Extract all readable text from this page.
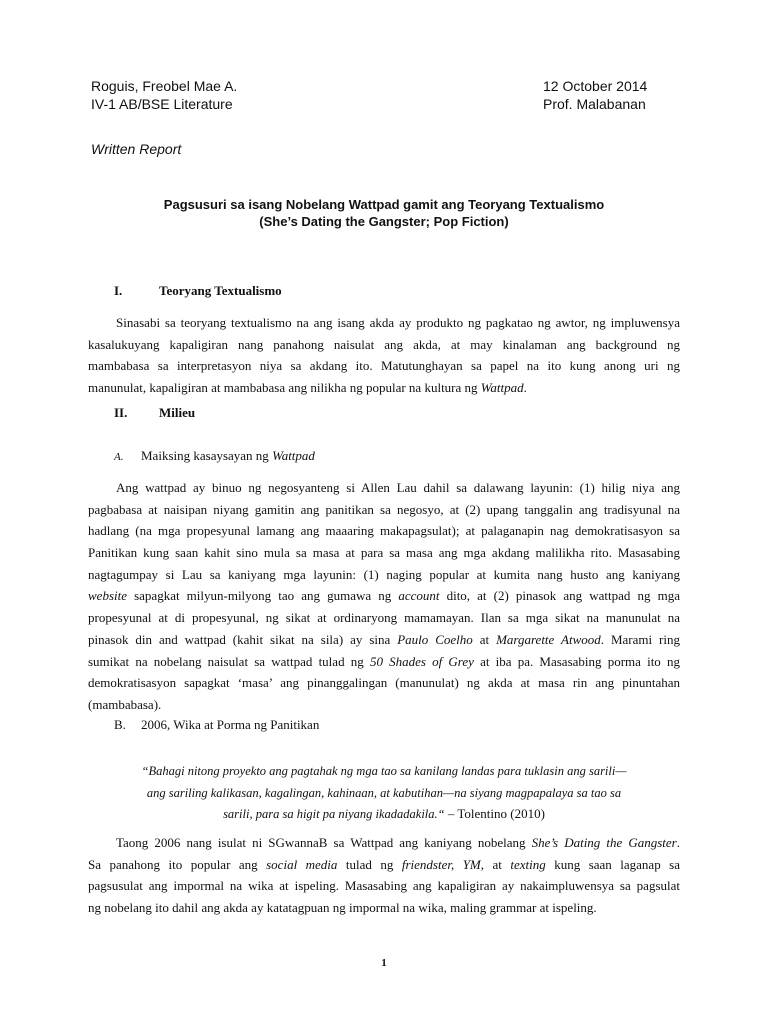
Roguis, Freobel Mae A.
IV-1 AB/BSE Literature
12 October 2014
Prof. Malabanan
Written Report
Pagsusuri sa isang Nobelang Wattpad gamit ang Teoryang Textualismo
(She’s Dating the Gangster; Pop Fiction)
I.	Teoryang Textualismo
Sinasabi sa teoryang textualismo na ang isang akda ay produkto ng pagkatao ng awtor, ng impluwensya
kasalukuyang kapaligiran nang panahong naisulat ang akda, at may kinalaman ang background ng
mambabasa sa interpretasyon niya sa akdang ito. Matutunghayan sa papel na ito kung anong uri ng
manunulat, kapaligiran at mambabasa ang nilikha ng popular na kultura ng Wattpad.
II. Milieu
A. Maiksing kasaysayan ng Wattpad
Ang wattpad ay binuo ng negosyanteng si Allen Lau dahil sa dalawang layunin: (1) hilig niya ang
pagbabasa at naisipan niyang gamitin ang panitikan sa negosyo, at (2) upang tanggalin ang tradisyunal na
hadlang (na mga propesyunal lamang ang maaaring makapagsulat); at palaganapin nag demokratisasyon sa
Panitikan kung saan kahit sino mula sa masa at para sa masa ang mga akdang malilikha rito. Masasabing
nagtagumpay si Lau sa kaniyang mga layunin: (1) naging popular at kumita nang husto ang kaniyang
website sapagkat milyun-milyong tao ang gumawa ng account dito, at (2) pinasok ang wattpad ng mga
propesyunal at di propesyunal, ng sikat at ordinaryong mamamayan. Ilan sa mga sikat na manunulat na
pinasok din and wattpad (kahit sikat na sila) ay sina Paulo Coelho at Margarette Atwood. Marami ring
sumikat na nobelang naisulat sa wattpad tulad ng 50 Shades of Grey at iba pa. Masasabing porma ito ng
demokratisasyon sapagkat ‘masa’ ang pinanggalingan (manunulat) ng akda at masa rin ang pinuntahan
(mambabasa).
B. 2006, Wika at Porma ng Panitikan
“Bahagi nitong proyekto ang pagtahak ng mga tao sa kanilang landas para tuklasin ang sarili—
ang sariling kalikasan, kagalingan, kahinaan, at kabutihan—na siyang magpapalaya sa tao sa
sarili, para sa higit pa niyang ikadadakila.“ – Tolentino (2010)
Taong 2006 nang isulat ni SGwannaB sa Wattpad ang kaniyang nobelang She’s Dating the Gangster.
Sa panahong ito popular ang social media tulad ng friendster, YM, at texting kung saan laganap sa
pagsusulat ang impormal na wika at ispeling. Masasabing ang kapaligiran ay nakaimpluwensya sa pagsulat
ng nobelang ito dahil ang akda ay katatagpuan ng impormal na wika, maling grammar at ispeling.
1
